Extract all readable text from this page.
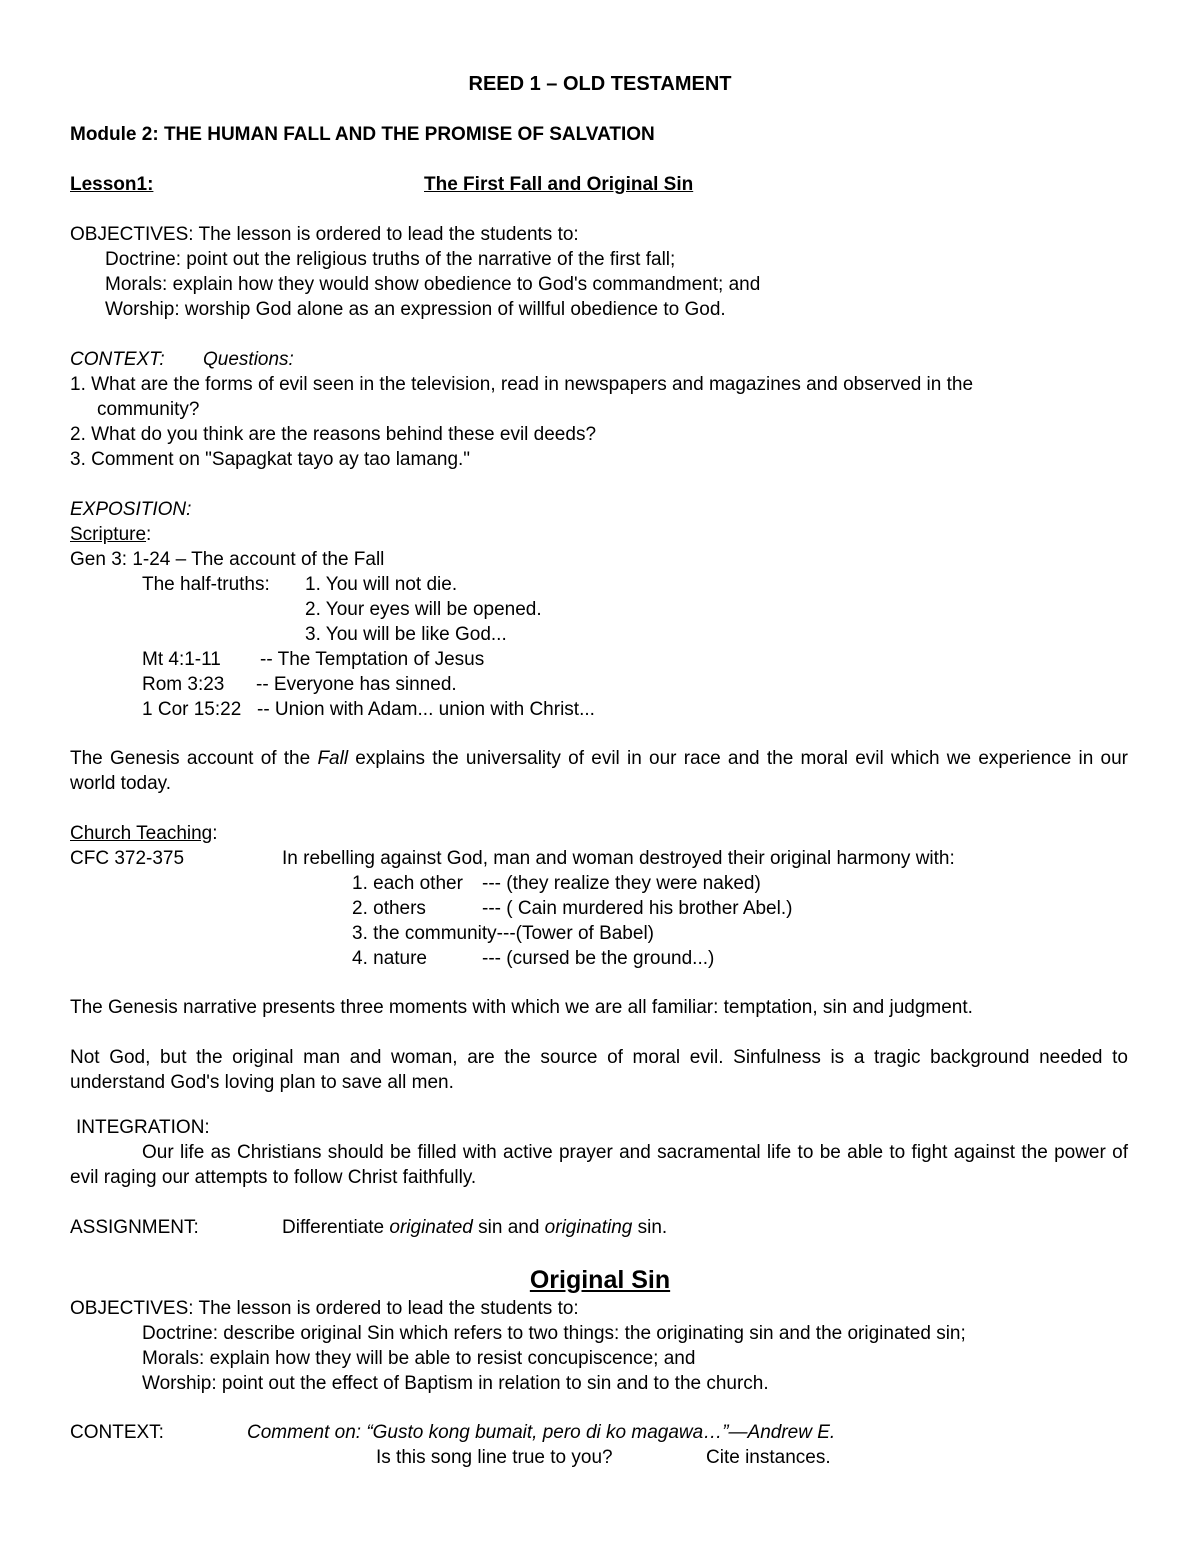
REED 1 – OLD TESTAMENT
Module 2: THE HUMAN FALL AND THE PROMISE OF SALVATION
Lesson1:	The First Fall and Original Sin
OBJECTIVES: The lesson is ordered to lead the students to:
Doctrine: point out the religious truths of the narrative of the first fall;
Morals: explain how they would show obedience to God's commandment; and
Worship: worship God alone as an expression of willful obedience to God.
CONTEXT: Questions:
1. What are the forms of evil seen in the television, read in newspapers and magazines and observed in the
community?
2. What do you think are the reasons behind these evil deeds?
3. Comment on "Sapagkat tayo ay tao lamang."
EXPOSITION:
Scripture:
Gen 3: 1-24 – The account of the Fall
The half-truths: 1. You will not die.
2. Your eyes will be opened.
3. You will be like God...
Mt 4:1-11 -- The Temptation of Jesus
Rom 3:23 -- Everyone has sinned.
1 Cor 15:22 -- Union with Adam... union with Christ...
The Genesis account of the Fall explains the universality of evil in our race and the moral evil which we experience in our world today.
Church Teaching:
CFC 372-375	In rebelling against God, man and woman destroyed their original harmony with:
1. each other --- (they realize they were naked)
2. others	--- ( Cain murdered his brother Abel.)
3. the community---(Tower of Babel)
4. nature	--- (cursed be the ground...)
The Genesis narrative presents three moments with which we are all familiar: temptation, sin and judgment.
Not God, but the original man and woman, are the source of moral evil. Sinfulness is a tragic background needed to understand God's loving plan to save all men.
INTEGRATION:
Our life as Christians should be filled with active prayer and sacramental life to be able to fight against the power of evil raging our attempts to follow Christ faithfully.
ASSIGNMENT:	Differentiate originated sin and originating sin.
Original Sin
OBJECTIVES: The lesson is ordered to lead the students to:
Doctrine: describe original Sin which refers to two things: the originating sin and the originated sin;
Morals: explain how they will be able to resist concupiscence; and
Worship: point out the effect of Baptism in relation to sin and to the church.
CONTEXT:	Comment on: “Gusto kong bumait, pero di ko magawa…”—Andrew E.
Is this song line true to you?	Cite instances.
